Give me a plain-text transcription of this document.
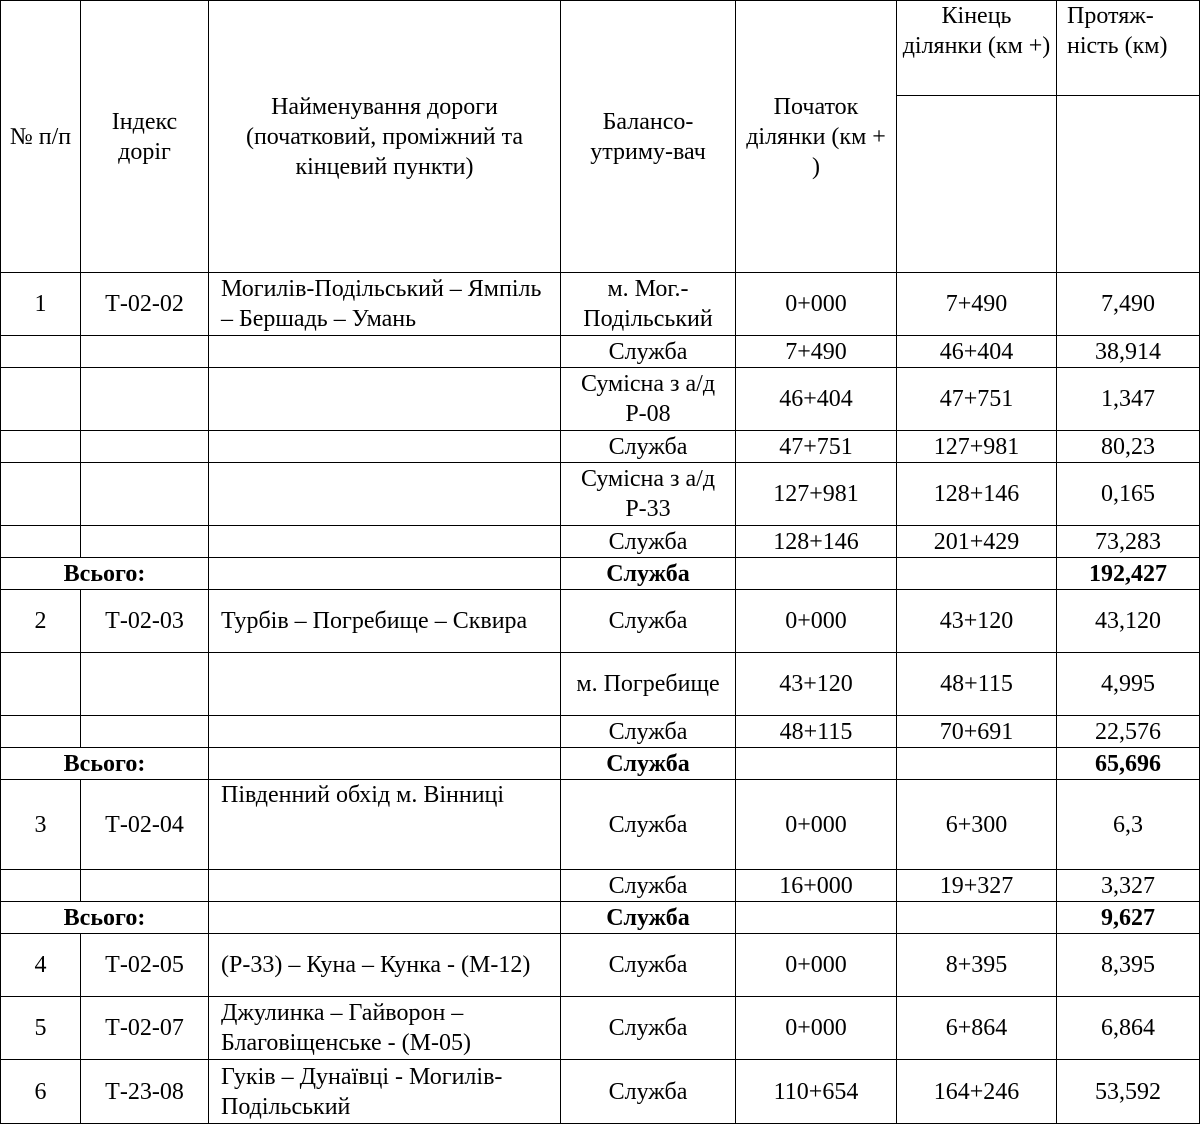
№ п/п	Індекс доріг	Найменування дороги (початковий, проміжний та кінцевий пункти)	Балансо-утриму-вач	Початок ділянки (км + )	Кінець ділянки (км +)	Протяж-ність (км)

1	Т-02-02	Могилів-Подільський – Ямпіль – Бершадь – Умань	м. Мог.-Подільський	0+000	7+490	7,490
			Служба	7+490	46+404	38,914
			Сумісна з а/д Р-08	46+404	47+751	1,347
			Служба	47+751	127+981	80,23
			Сумісна з а/д Р-33	127+981	128+146	0,165
			Служба	128+146	201+429	73,283
Всього:			Служба			192,427
2	Т-02-03	Турбів – Погребище – Сквира	Служба	0+000	43+120	43,120
			м. Погребище	43+120	48+115	4,995
			Служба	48+115	70+691	22,576
Всього:			Служба			65,696
3	Т-02-04	Південний обхід м. Вінниці	Служба	0+000	6+300	6,3
			Служба	16+000	19+327	3,327
Всього:			Служба			9,627
4	Т-02-05	(Р-33) – Куна – Кунка - (М-12)	Служба	0+000	8+395	8,395
5	Т-02-07	Джулинка – Гайворон – Благовіщенське - (М-05)	Служба	0+000	6+864	6,864
6	Т-23-08	Гуків – Дунаївці - Могилів-Подільський	Служба	110+654	164+246	53,592
